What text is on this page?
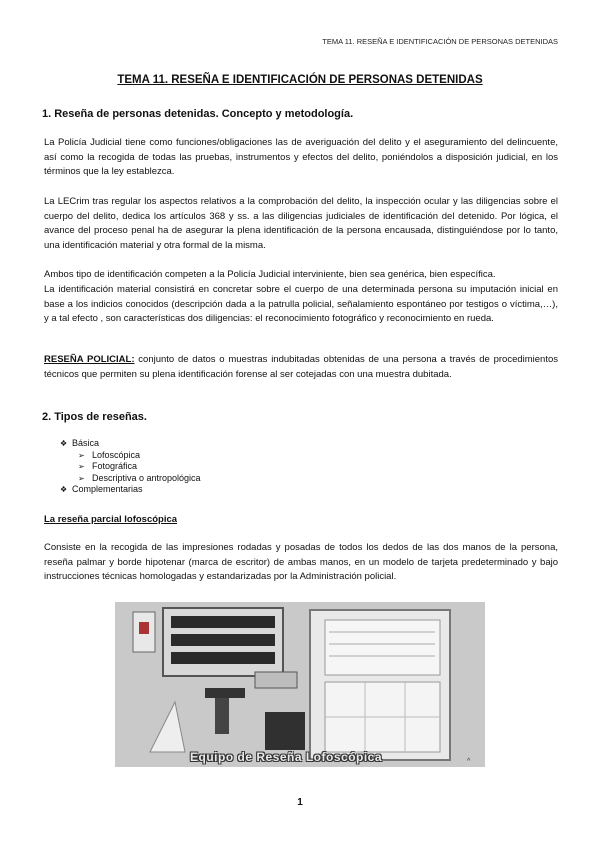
TEMA 11. RESEÑA E IDENTIFICACIÓN DE PERSONAS DETENIDAS
TEMA 11. RESEÑA E IDENTIFICACIÓN DE PERSONAS DETENIDAS
1. Reseña de personas detenidas. Concepto y metodología.

La Policía Judicial tiene como funciones/obligaciones las de averiguación del delito y el aseguramiento del delincuente, así como la recogida de todas las pruebas, instrumentos y efectos del delito, poniéndolos a disposición judicial, en los términos que la ley establezca.

La LECrim tras regular los aspectos relativos a la comprobación del delito, la inspección ocular y las diligencias sobre el cuerpo del delito, dedica los artículos 368 y ss. a las diligencias judiciales de identificación del detenido. Por lógica, el avance del proceso penal ha de asegurar la plena identificación de la persona encausada, distinguiéndose por lo tanto, una identificación material y otra formal de la misma.

Ambos tipo de identificación competen a la Policía Judicial interviniente, bien sea genérica, bien específica.

La identificación material consistirá en concretar sobre el cuerpo de una determinada persona su imputación inicial en base a los indicios conocidos (descripción dada a la patrulla policial, señalamiento espontáneo por testigos o víctima,…), y a tal efecto , son características dos diligencias: el reconocimiento fotográfico y reconocimiento en rueda.

RESEÑA POLICIAL: conjunto de datos o muestras indubitadas obtenidas de una persona a través de procedimientos técnicos que permiten su plena identificación forense al ser cotejadas con una muestra dubitada.

2. Tipos de reseñas.
❖ Básica
➢ Lofoscópica
➢ Fotográfica
➢ Descriptiva o antropológica
❖ Complementarias
La reseña parcial lofoscópica

Consiste en la recogida de las impresiones rodadas y posadas de todos los dedos de las dos manos de la persona, reseña palmar y borde hipotenar (marca de escritor) de ambas manos, en un modelo de tarjeta predeterminado y bajo instrucciones técnicas homologadas y estandarizadas por la Administración policial.

Equipo de Reseña Lofoscópica	^
1
